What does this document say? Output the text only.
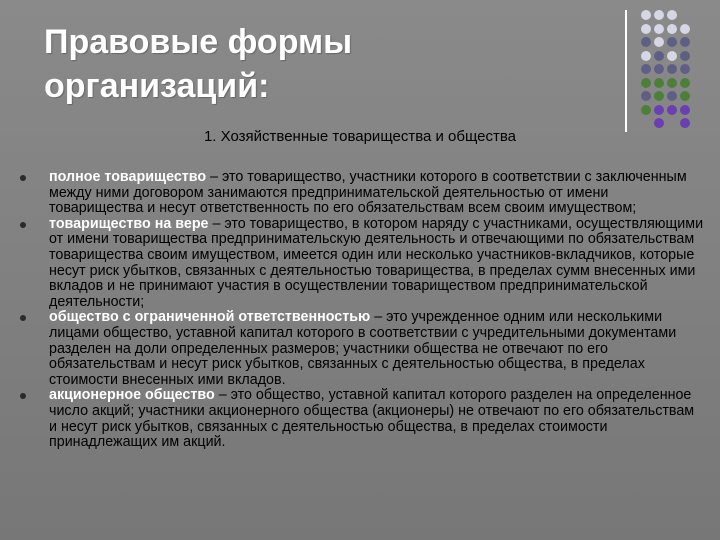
Правовые формы
организаций:
1. Хозяйственные товарищества и общества

полное товарищество – это товарищество, участники которого в соответствии с заключенным между ними договором занимаются предпринимательской деятельностью от имени товарищества и несут ответственность по его обязательствам всем своим имуществом;

товарищество на вере – это товарищество, в котором наряду с участниками, осуществляющими от имени товарищества предпринимательскую деятельность и отвечающими по обязательствам товарищества своим имуществом, имеется один или несколько участников-вкладчиков, которые несут риск убытков, связанных с деятельностью товарищества, в пределах сумм внесенных ими вкладов и не принимают участия в осуществлении товариществом предпринимательской деятельности;

общество с ограниченной ответственностью – это учрежденное одним или несколькими лицами общество, уставной капитал которого в соответствии с учредительными документами разделен на доли определенных размеров; участники общества не отвечают по его обязательствам и несут риск убытков, связанных с деятельностью общества, в пределах стоимости внесенных ими вкладов.

акционерное общество – это общество, уставной капитал которого разделен на определенное число акций; участники акционерного общества (акционеры) не отвечают по его обязательствам и несут риск убытков, связанных с деятельностью общества, в пределах стоимости принадлежащих им акций.
